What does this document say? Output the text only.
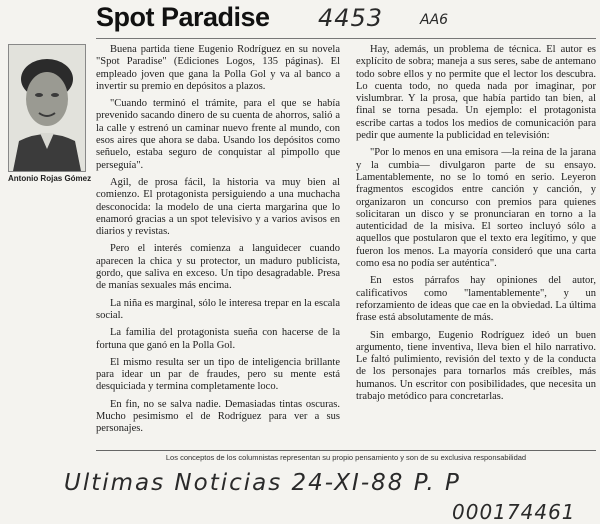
Spot Paradise 4453	AA6
Antonio Rojas Gómez

Buena partida tiene Eugenio Rodríguez en su novela "Spot Paradise" (Ediciones Logos, 135 páginas). El empleado joven que gana la Polla Gol y va al banco a invertir su premio en depósitos a plazos.

"Cuando terminó el trámite, para el que se había prevenido sacando dinero de su cuenta de ahorros, salió a la calle y estrenó un caminar nuevo frente al mundo, con esos aires que ahora se daba. Usando los depósitos como señuelo, estaba seguro de conquistar al pimpollo que perseguía".

Agil, de prosa fácil, la historia va muy bien al comienzo. El protagonista persiguiendo a una muchacha desconocida: la modelo de una cierta margarina que lo enamoró gracias a un spot televisivo y a varios avisos en diarios y revistas.

Pero el interés comienza a languidecer cuando aparecen la chica y su protector, un maduro publicista, gordo, que saliva en exceso. Un tipo desagradable. Presa de manías sexuales más encima.

La niña es marginal, sólo le interesa trepar en la escala social.

La familia del protagonista sueña con hacerse de la fortuna que ganó en la Polla Gol.

El mismo resulta ser un tipo de inteligencia brillante para idear un par de fraudes, pero su mente está desquiciada y termina completamente loco.

En fin, no se salva nadie. Demasiadas tintas oscuras. Mucho pesimismo el de Rodríguez para ver a sus personajes.

Hay, además, un problema de técnica. El autor es explícito de sobra; maneja a sus seres, sabe de antemano todo sobre ellos y no permite que el lector los descubra. Lo cuenta todo, no queda nada por imaginar, por vislumbrar. Y la prosa, que había partido tan bien, al final se torna pesada. Un ejemplo: el protagonista escribe cartas a todos los medios de comunicación para pedir que aumente la publicidad en televisión:

"Por lo menos en una emisora —la reina de la jarana y la cumbia— divulgaron parte de su ensayo. Lamentablemente, no se lo tomó en serio. Leyeron fragmentos escogidos entre canción y canción, y organizaron un concurso con premios para quienes solicitaran un disco y se pronunciaran en torno a la autenticidad de la misiva. El sorteo incluyó sólo a aquellos que postularon que el texto era legítimo, y que fueron los menos. La mayoría consideró que una carta como esa no podía ser auténtica".

En estos párrafos hay opiniones del autor, calificativos como "lamentablemente", y un reforzamiento de ideas que cae en la obviedad. La última frase está absolutamente de más.

Sin embargo, Eugenio Rodríguez ideó un buen argumento, tiene inventiva, lleva bien el hilo narrativo. Le faltó pulimiento, revisión del texto y de la conducta de los personajes para tornarlos más creíbles, más humanos. Un escritor con posibilidades, que necesita un trabajo metódico para concretarlas.

Los conceptos de los columnistas representan su propio pensamiento y son de su exclusiva responsabilidad
Ultimas Noticias 24-XI-88 P. P
000174461
